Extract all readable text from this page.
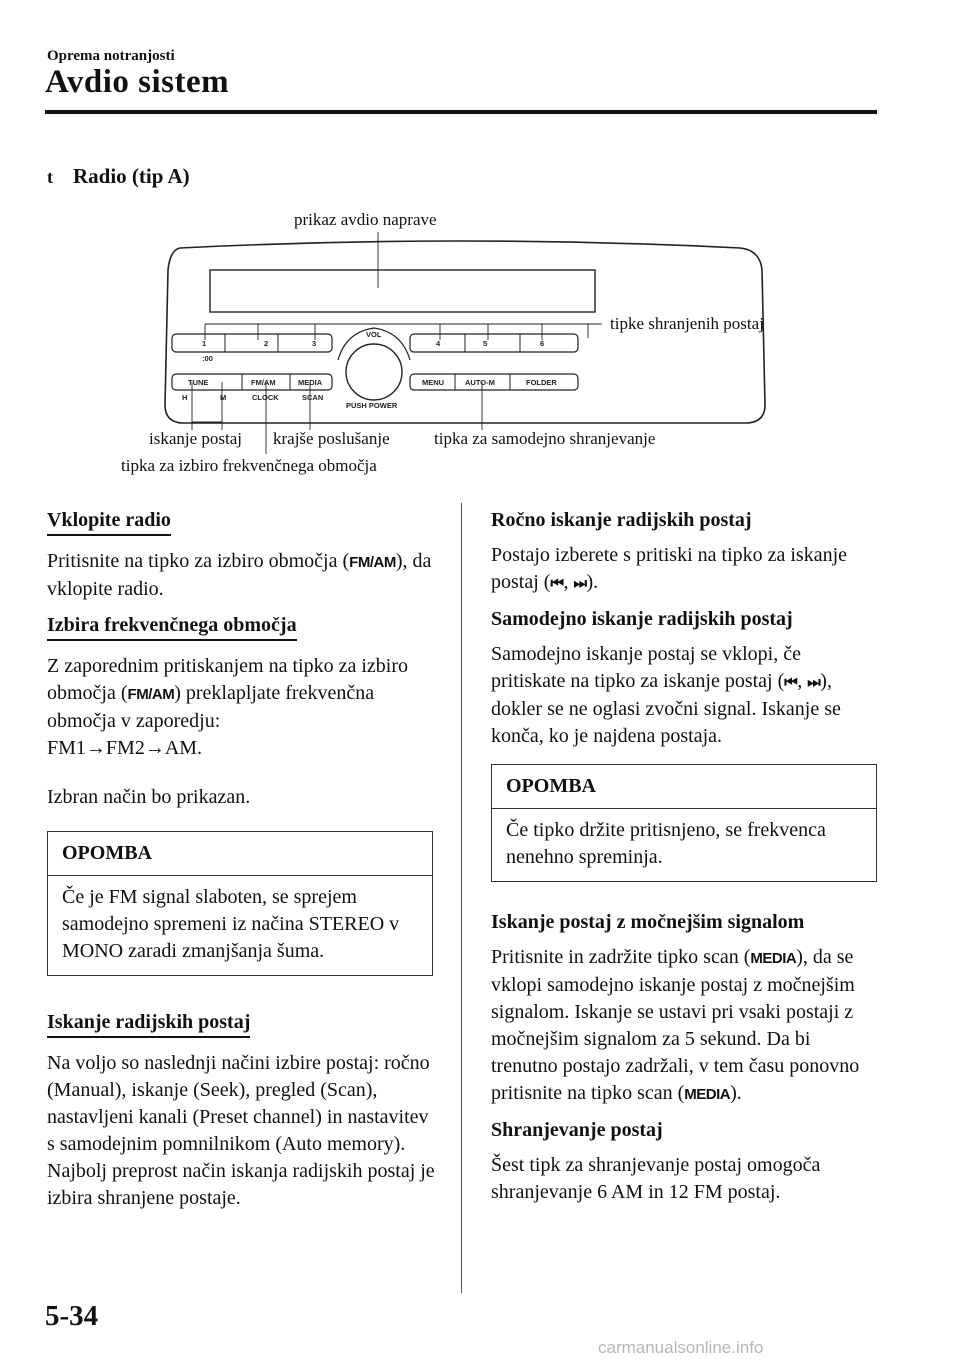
Oprema notranjosti
Avdio sistem
t Radio (tip A)
1	2	3	4	5	6
:00
TUNE	FM/AM	MEDIA
H	M	CLOCK	SCAN
VOL
PUSH POWER
MENU	AUTO-M	FOLDER
prikaz avdio naprave
tipke shranjenih postaj
iskanje postaj krajše poslušanje	tipka za samodejno shranjevanje
tipka za izbiro frekvenčnega območja
Vklopite radio

Pritisnite na tipko za izbiro območja (FM/AM), da vklopite radio.

Izbira frekvenčnega območja

Z zaporednim pritiskanjem na tipko za izbiro območja (FM/AM) preklapljate frekvenčna območja v zaporedju:
FM1→FM2→AM.

Izbran način bo prikazan.

OPOMBA
Če je FM signal slaboten, se sprejem samodejno spremeni iz načina STEREO v MONO zaradi zmanjšanja šuma.
Iskanje radijskih postaj

Na voljo so naslednji načini izbire postaj: ročno (Manual), iskanje (Seek), pregled (Scan), nastavljeni kanali (Preset channel) in nastavitev s samodejnim pomnilnikom (Auto memory). Najbolj preprost način iskanja radijskih postaj je izbira shranjene postaje.

Ročno iskanje radijskih postaj

Postajo izberete s pritiski na tipko za iskanje postaj (⏮, ⏭).

Samodejno iskanje radijskih postaj

Samodejno iskanje postaj se vklopi, če pritiskate na tipko za iskanje postaj (⏮, ⏭), dokler se ne oglasi zvočni signal. Iskanje se konča, ko je najdena postaja.

OPOMBA
Če tipko držite pritisnjeno, se frekvenca nenehno spreminja.
Iskanje postaj z močnejšim signalom

Pritisnite in zadržite tipko scan (MEDIA), da se vklopi samodejno iskanje postaj z močnejšim signalom. Iskanje se ustavi pri vsaki postaji z močnejšim signalom za 5 sekund. Da bi trenutno postajo zadržali, v tem času ponovno pritisnite na tipko scan (MEDIA).

Shranjevanje postaj

Šest tipk za shranjevanje postaj omogoča shranjevanje 6 AM in 12 FM postaj.

5-34
carmanualsonline.info
